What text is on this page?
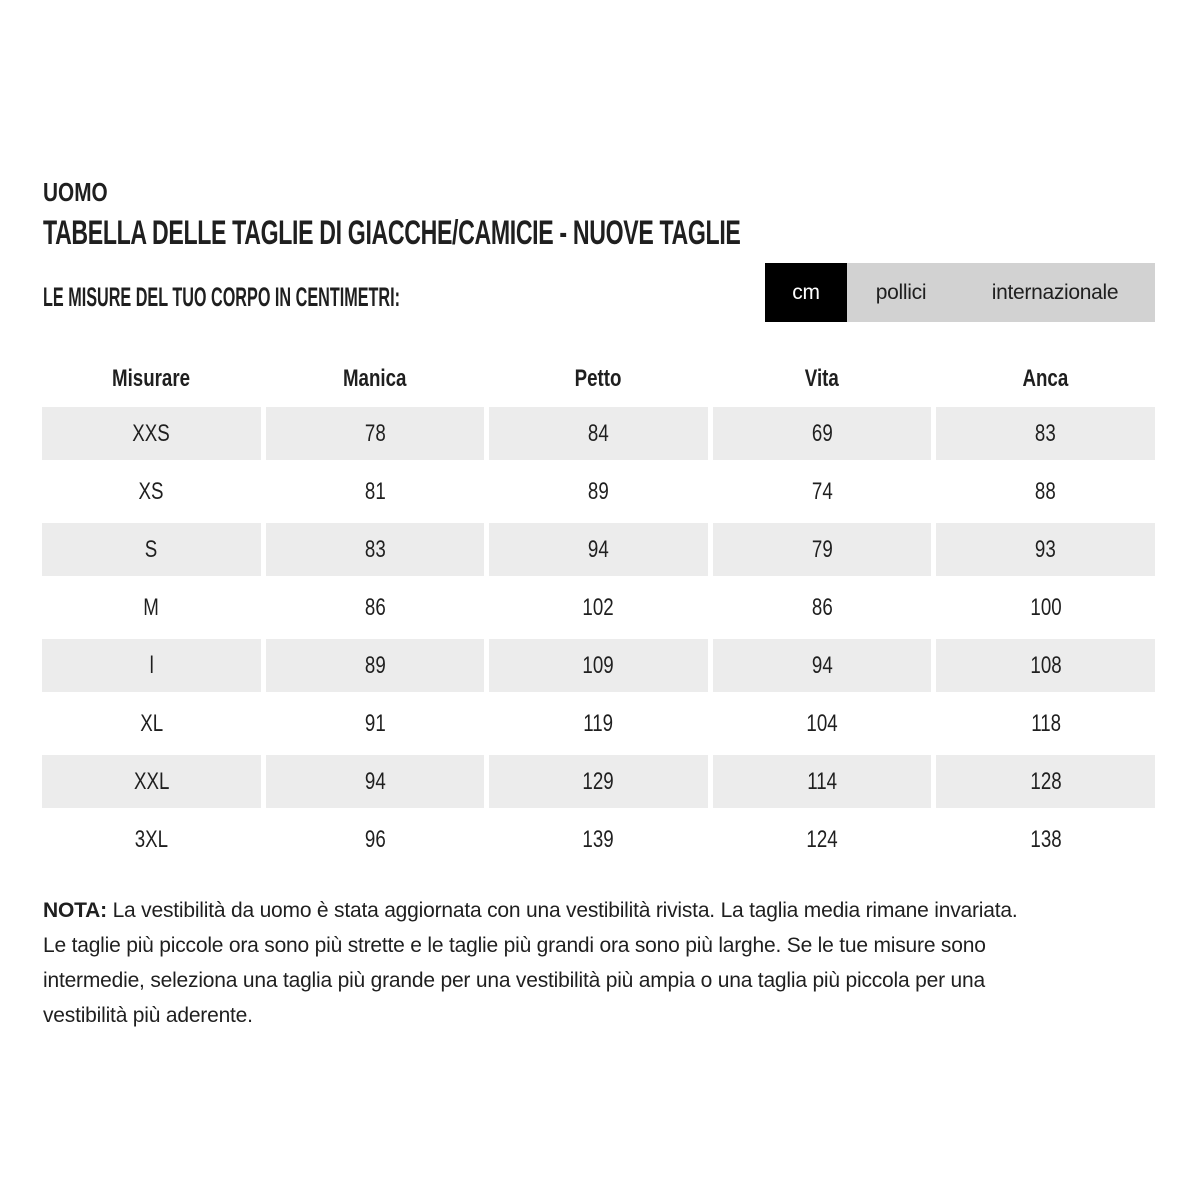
UOMO
TABELLA DELLE TAGLIE DI GIACCHE/CAMICIE - NUOVE TAGLIE
LE MISURE DEL TUO CORPO IN CENTIMETRI:	cm	pollici	internazionale
Misurare	Manica	Petto	Vita	Anca
XXS	78	84	69	83
XS	81	89	74	88
S	83	94	79	93
M	86	102	86	100
l	89	109	94	108
XL	91	119	104	118
XXL	94	129	114	128
3XL	96	139	124	138

NOTA: La vestibilità da uomo è stata aggiornata con una vestibilità rivista. La taglia media rimane invariata. Le taglie più piccole ora sono più strette e le taglie più grandi ora sono più larghe. Se le tue misure sono intermedie, seleziona una taglia più grande per una vestibilità più ampia o una taglia più piccola per una vestibilità più aderente.
